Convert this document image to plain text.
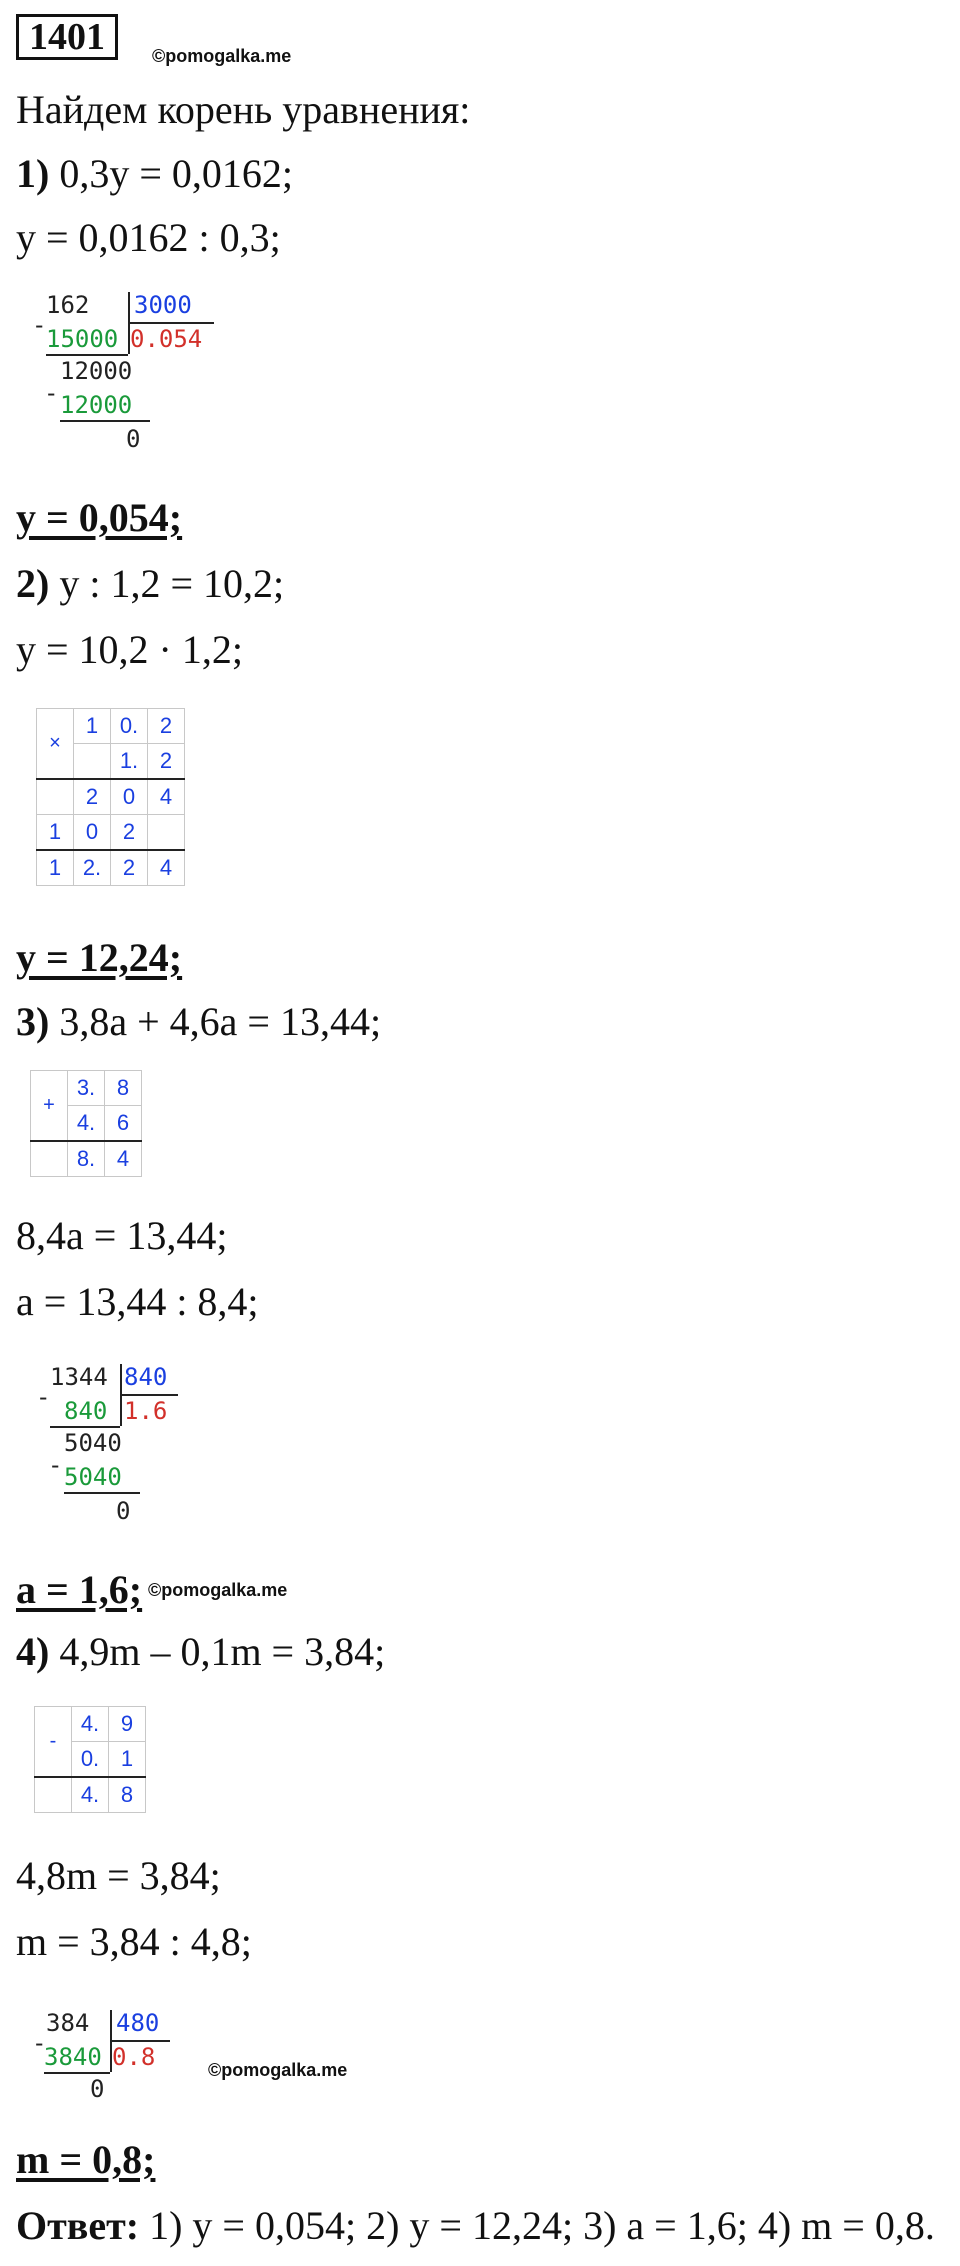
1401	©pomogalka.me
Найдем корень уравнения:
1) 0,3y = 0,0162;
y = 0,0162 : 0,3;
162 3000
- 15000 0.054
12000
- 12000
0
y = 0,054;
2) y : 1,2 = 10,2;
y = 10,2 · 1,2;
×	1	0.	2
		1.	2
	2	0	4
1	0	2	
1	2.	2	4
y = 12,24;
3) 3,8a + 4,6a = 13,44;
+	3.	8
	4.	6
	8.	4
8,4a = 13,44;
a = 13,44 : 8,4;
1344 840
- 840 1.6
5040
- 5040
0
a = 1,6; ©pomogalka.me
4) 4,9m – 0,1m = 3,84;
-	4.	9
	0.	1
	4.	8
4,8m = 3,84;
m = 3,84 : 4,8;
384 480
-
3840 0.8
0
©pomogalka.me
m = 0,8;
Ответ: 1) y = 0,054; 2) y = 12,24; 3) a = 1,6; 4) m = 0,8.
